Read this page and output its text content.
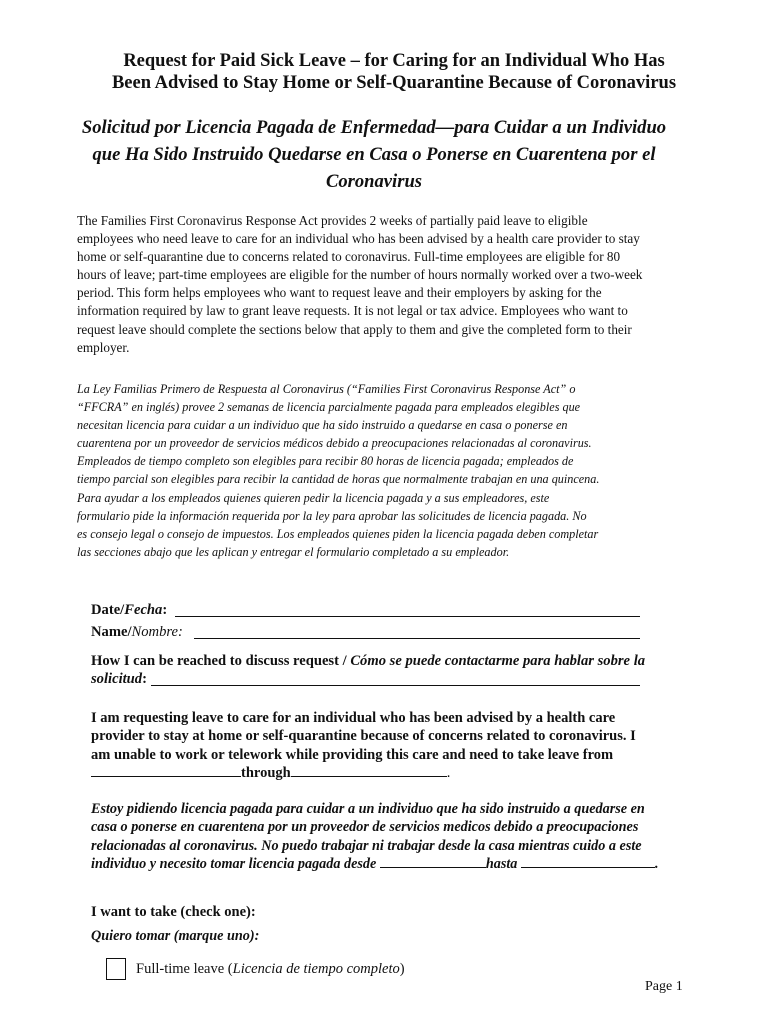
Request for Paid Sick Leave – for Caring for an Individual Who Has
Been Advised to Stay Home or Self-Quarantine Because of Coronavirus
Solicitud por Licencia Pagada de Enfermedad—para Cuidar a un Individuo
que Ha Sido Instruido Quedarse en Casa o Ponerse en Cuarentena por el
Coronavirus
The Families First Coronavirus Response Act provides 2 weeks of partially paid leave to eligible
employees who need leave to care for an individual who has been advised by a health care provider to stay
home or self-quarantine due to concerns related to coronavirus. Full-time employees are eligible for 80
hours of leave; part-time employees are eligible for the number of hours normally worked over a two-week
period. This form helps employees who want to request leave and their employers by asking for the
information required by law to grant leave requests. It is not legal or tax advice. Employees who want to
request leave should complete the sections below that apply to them and give the completed form to their
employer.
La Ley Familias Primero de Respuesta al Coronavirus (“Families First Coronavirus Response Act” o
“FFCRA” en inglés) provee 2 semanas de licencia parcialmente pagada para empleados elegibles que
necesitan licencia para cuidar a un individuo que ha sido instruido a quedarse en casa o ponerse en
cuarentena por un proveedor de servicios médicos debido a preocupaciones relacionadas al coronavirus.
Empleados de tiempo completo son elegibles para recibir 80 horas de licencia pagada; empleados de
tiempo parcial son elegibles para recibir la cantidad de horas que normalmente trabajan en una quincena.
Para ayudar a los empleados quienes quieren pedir la licencia pagada y a sus empleadores, este
formulario pide la información requerida por la ley para aprobar las solicitudes de licencia pagada. No
es consejo legal o consejo de impuestos. Los empleados quienes piden la licencia pagada deben completar
las secciones abajo que les aplican y entregar el formulario completado a su empleador.
Date/Fecha:
Name/Nombre:
How I can be reached to discuss request / Cómo se puede contactarme para hablar sobre la
solicitud:
I am requesting leave to care for an individual who has been advised by a health care
provider to stay at home or self-quarantine because of concerns related to coronavirus. I
am unable to work or telework while providing this care and need to take leave from
through	.
Estoy pidiendo licencia pagada para cuidar a un individuo que ha sido instruido a quedarse en
casa o ponerse en cuarentena por un proveedor de servicios medicos debido a preocupaciones
relacionadas al coronavirus. No puedo trabajar ni trabajar desde la casa mientras cuido a este
individuo y necesito tomar licencia pagada desde	hasta	.
I want to take (check one):
Quiero tomar (marque uno):
Full-time leave (Licencia de tiempo completo)
Page 1
